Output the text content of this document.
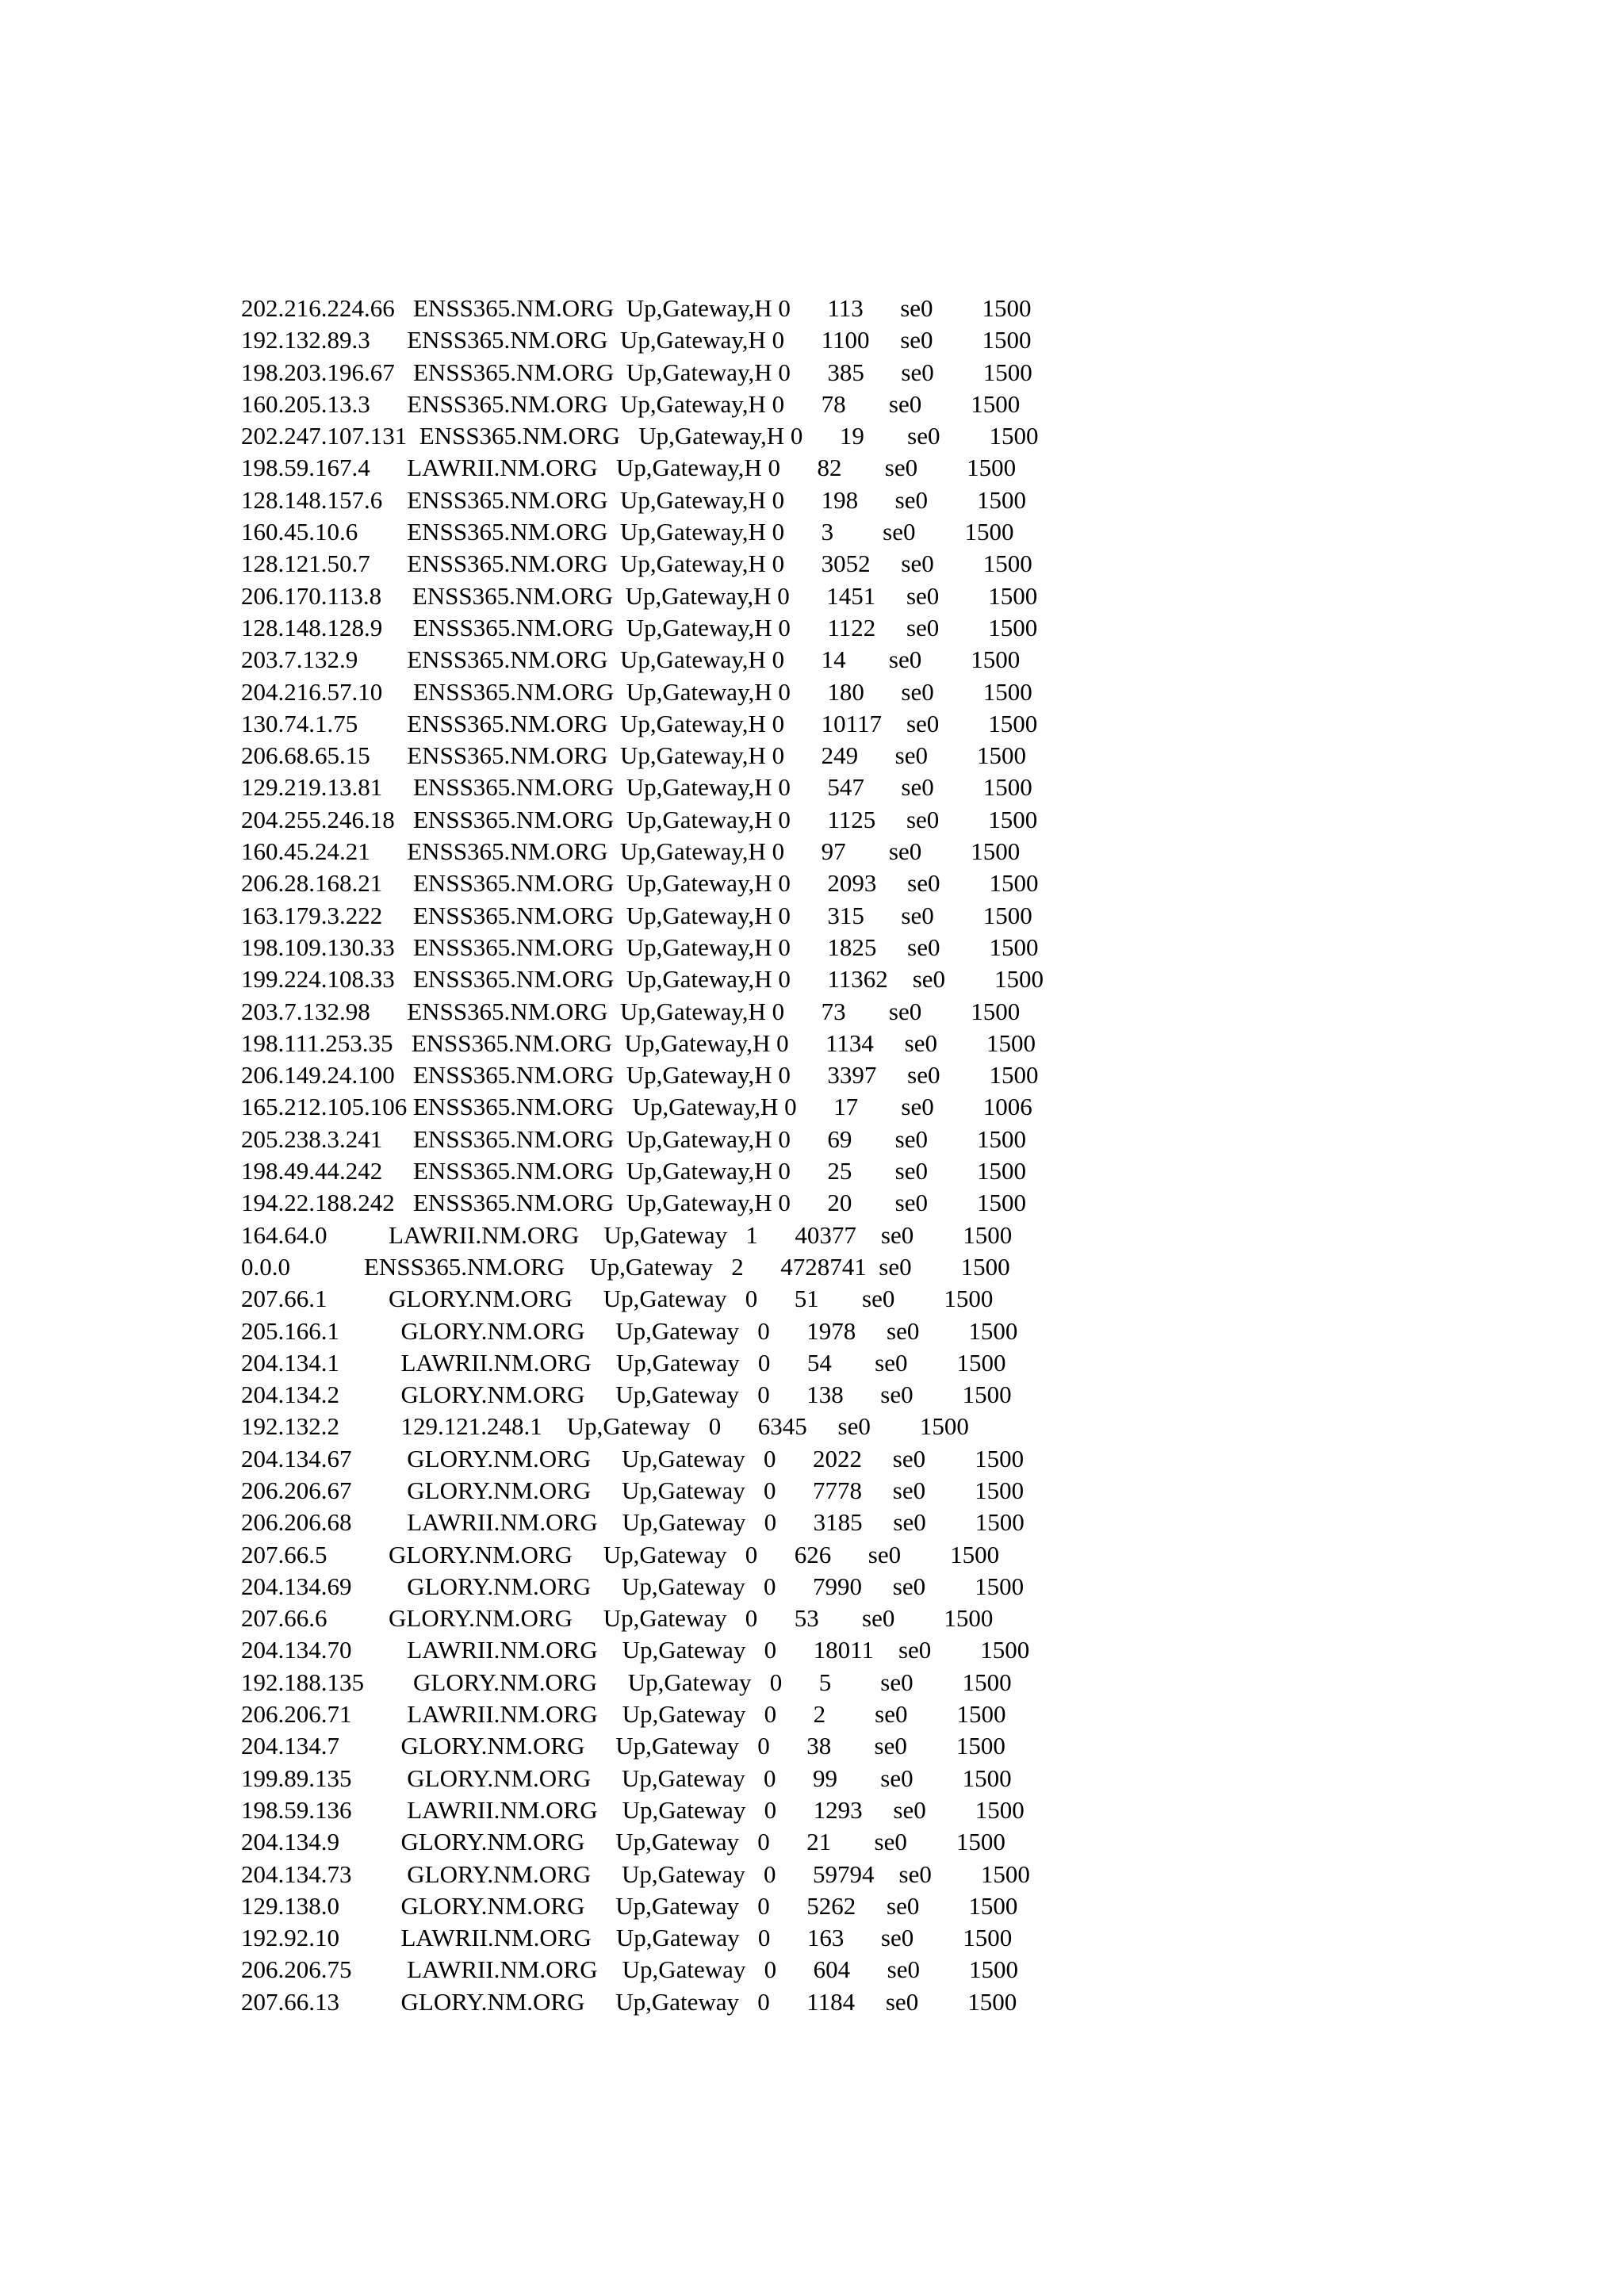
202.216.224.66   ENSS365.NM.ORG  Up,Gateway,H 0      113      se0        1500
192.132.89.3      ENSS365.NM.ORG  Up,Gateway,H 0      1100     se0        1500
198.203.196.67   ENSS365.NM.ORG  Up,Gateway,H 0      385      se0        1500
160.205.13.3      ENSS365.NM.ORG  Up,Gateway,H 0      78       se0        1500
202.247.107.131  ENSS365.NM.ORG   Up,Gateway,H 0      19       se0        1500
198.59.167.4      LAWRII.NM.ORG   Up,Gateway,H 0      82       se0        1500
128.148.157.6    ENSS365.NM.ORG  Up,Gateway,H 0      198      se0        1500
160.45.10.6        ENSS365.NM.ORG  Up,Gateway,H 0      3        se0        1500
128.121.50.7      ENSS365.NM.ORG  Up,Gateway,H 0      3052     se0        1500
206.170.113.8     ENSS365.NM.ORG  Up,Gateway,H 0      1451     se0        1500
128.148.128.9     ENSS365.NM.ORG  Up,Gateway,H 0      1122     se0        1500
203.7.132.9        ENSS365.NM.ORG  Up,Gateway,H 0      14       se0        1500
204.216.57.10     ENSS365.NM.ORG  Up,Gateway,H 0      180      se0        1500
130.74.1.75        ENSS365.NM.ORG  Up,Gateway,H 0      10117    se0        1500
206.68.65.15      ENSS365.NM.ORG  Up,Gateway,H 0      249      se0        1500
129.219.13.81     ENSS365.NM.ORG  Up,Gateway,H 0      547      se0        1500
204.255.246.18   ENSS365.NM.ORG  Up,Gateway,H 0      1125     se0        1500
160.45.24.21      ENSS365.NM.ORG  Up,Gateway,H 0      97       se0        1500
206.28.168.21     ENSS365.NM.ORG  Up,Gateway,H 0      2093     se0        1500
163.179.3.222     ENSS365.NM.ORG  Up,Gateway,H 0      315      se0        1500
198.109.130.33   ENSS365.NM.ORG  Up,Gateway,H 0      1825     se0        1500
199.224.108.33   ENSS365.NM.ORG  Up,Gateway,H 0      11362    se0        1500
203.7.132.98      ENSS365.NM.ORG  Up,Gateway,H 0      73       se0        1500
198.111.253.35   ENSS365.NM.ORG  Up,Gateway,H 0      1134     se0        1500
206.149.24.100   ENSS365.NM.ORG  Up,Gateway,H 0      3397     se0        1500
165.212.105.106 ENSS365.NM.ORG   Up,Gateway,H 0      17       se0        1006
205.238.3.241     ENSS365.NM.ORG  Up,Gateway,H 0      69       se0        1500
198.49.44.242     ENSS365.NM.ORG  Up,Gateway,H 0      25       se0        1500
194.22.188.242   ENSS365.NM.ORG  Up,Gateway,H 0      20       se0        1500
164.64.0          LAWRII.NM.ORG    Up,Gateway   1      40377    se0        1500
0.0.0            ENSS365.NM.ORG    Up,Gateway   2      4728741  se0        1500
207.66.1          GLORY.NM.ORG     Up,Gateway   0      51       se0        1500
205.166.1          GLORY.NM.ORG     Up,Gateway   0      1978     se0        1500
204.134.1          LAWRII.NM.ORG    Up,Gateway   0      54       se0        1500
204.134.2          GLORY.NM.ORG     Up,Gateway   0      138      se0        1500
192.132.2          129.121.248.1    Up,Gateway   0      6345     se0        1500
204.134.67         GLORY.NM.ORG     Up,Gateway   0      2022     se0        1500
206.206.67         GLORY.NM.ORG     Up,Gateway   0      7778     se0        1500
206.206.68         LAWRII.NM.ORG    Up,Gateway   0      3185     se0        1500
207.66.5          GLORY.NM.ORG     Up,Gateway   0      626      se0        1500
204.134.69         GLORY.NM.ORG     Up,Gateway   0      7990     se0        1500
207.66.6          GLORY.NM.ORG     Up,Gateway   0      53       se0        1500
204.134.70         LAWRII.NM.ORG    Up,Gateway   0      18011    se0        1500
192.188.135        GLORY.NM.ORG     Up,Gateway   0      5        se0        1500
206.206.71         LAWRII.NM.ORG    Up,Gateway   0      2        se0        1500
204.134.7          GLORY.NM.ORG     Up,Gateway   0      38       se0        1500
199.89.135         GLORY.NM.ORG     Up,Gateway   0      99       se0        1500
198.59.136         LAWRII.NM.ORG    Up,Gateway   0      1293     se0        1500
204.134.9          GLORY.NM.ORG     Up,Gateway   0      21       se0        1500
204.134.73         GLORY.NM.ORG     Up,Gateway   0      59794    se0        1500
129.138.0          GLORY.NM.ORG     Up,Gateway   0      5262     se0        1500
192.92.10          LAWRII.NM.ORG    Up,Gateway   0      163      se0        1500
206.206.75         LAWRII.NM.ORG    Up,Gateway   0      604      se0        1500
207.66.13          GLORY.NM.ORG     Up,Gateway   0      1184     se0        1500
